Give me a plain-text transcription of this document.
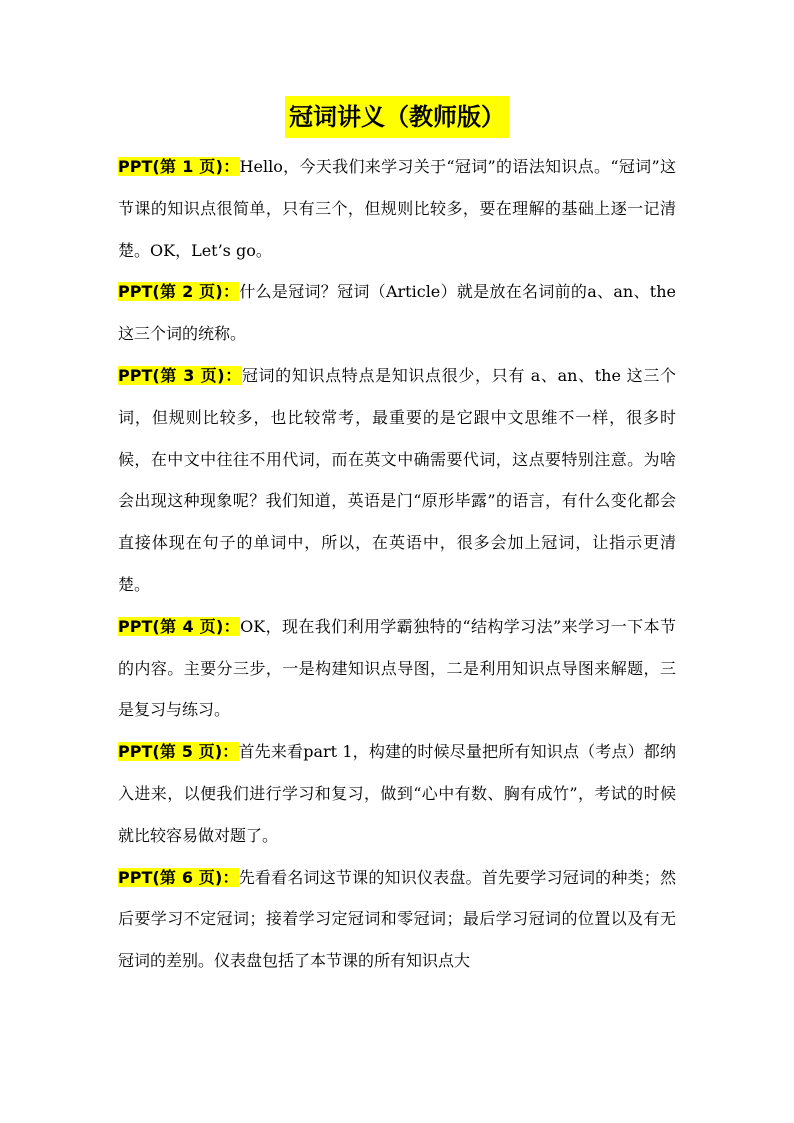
冠词讲义（教师版）

PPT(第 1 页)：Hello，今天我们来学习关于“冠词”的语法知识点。“冠词”这节课的知识点很简单，只有三个，但规则比较多，要在理解的基础上逐一记清楚。OK，Let’s go。

PPT(第 2 页)：什么是冠词？冠词（Article）就是放在名词前的a、an、the 这三个词的统称。

PPT(第 3 页)：冠词的知识点特点是知识点很少，只有 a、an、the 这三个词，但规则比较多，也比较常考，最重要的是它跟中文思维不一样，很多时候，在中文中往往不用代词，而在英文中确需要代词，这点要特别注意。为啥会出现这种现象呢？我们知道，英语是门“原形毕露”的语言，有什么变化都会直接体现在句子的单词中，所以，在英语中，很多会加上冠词，让指示更清楚。

PPT(第 4 页)：OK，现在我们利用学霸独特的“结构学习法”来学习一下本节的内容。主要分三步，一是构建知识点导图，二是利用知识点导图来解题，三是复习与练习。

PPT(第 5 页)：首先来看part 1，构建的时候尽量把所有知识点（考点）都纳入进来，以便我们进行学习和复习，做到“心中有数、胸有成竹”，考试的时候就比较容易做对题了。

PPT(第 6 页)：先看看名词这节课的知识仪表盘。首先要学习冠词的种类；然后要学习不定冠词；接着学习定冠词和零冠词；最后学习冠词的位置以及有无冠词的差别。仪表盘包括了本节课的所有知识点大
